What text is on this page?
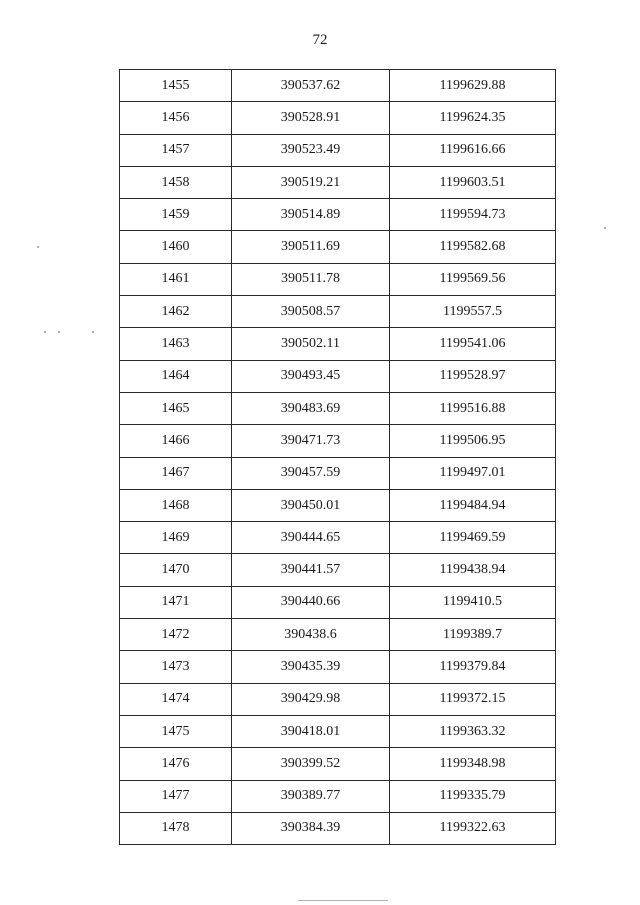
72
1455	390537.62	1199629.88
1456	390528.91	1199624.35
1457	390523.49	1199616.66
1458	390519.21	1199603.51
1459	390514.89	1199594.73
1460	390511.69	1199582.68
1461	390511.78	1199569.56
1462	390508.57	1199557.5
1463	390502.11	1199541.06
1464	390493.45	1199528.97
1465	390483.69	1199516.88
1466	390471.73	1199506.95
1467	390457.59	1199497.01
1468	390450.01	1199484.94
1469	390444.65	1199469.59
1470	390441.57	1199438.94
1471	390440.66	1199410.5
1472	390438.6	1199389.7
1473	390435.39	1199379.84
1474	390429.98	1199372.15
1475	390418.01	1199363.32
1476	390399.52	1199348.98
1477	390389.77	1199335.79
1478	390384.39	1199322.63
